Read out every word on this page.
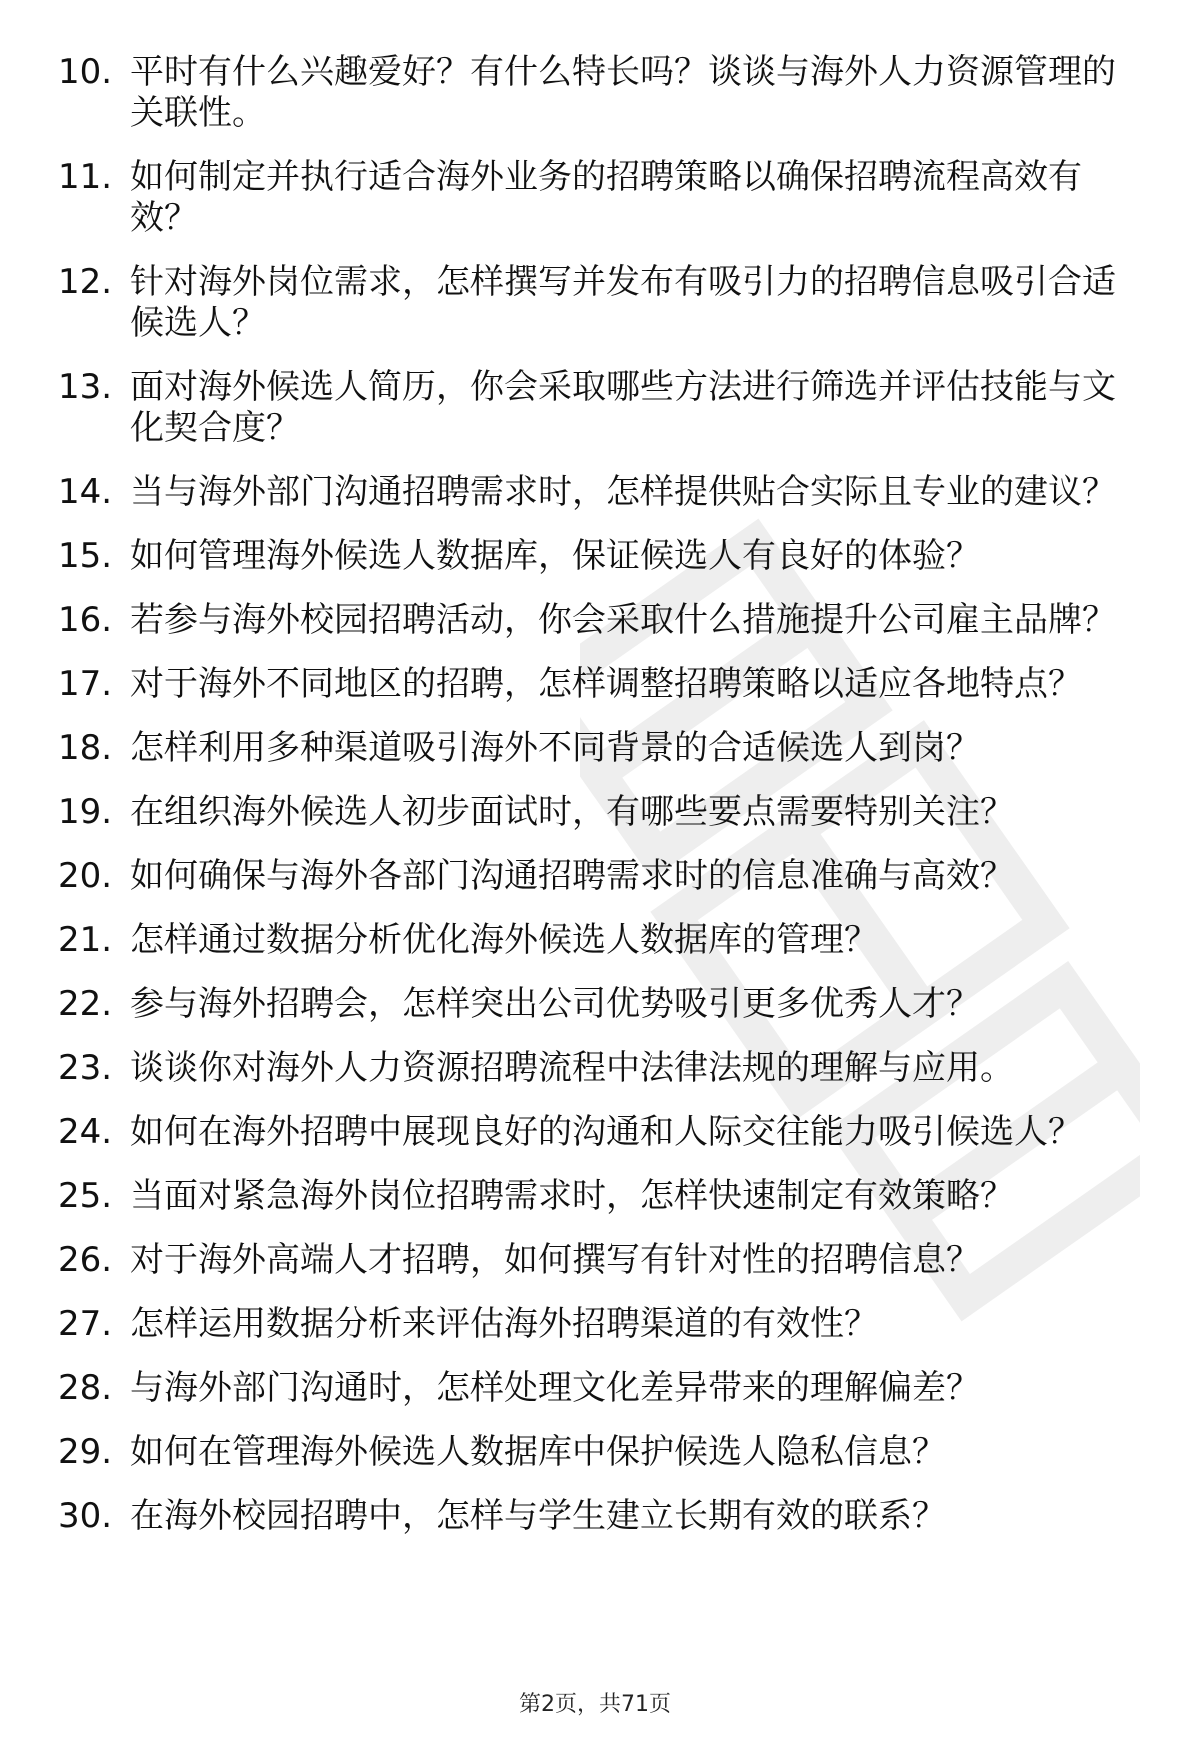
10. 平时有什么兴趣爱好？有什么特长吗？谈谈与海外人力资源管理的关联性。
11. 如何制定并执行适合海外业务的招聘策略以确保招聘流程高效有效？
12. 针对海外岗位需求，怎样撰写并发布有吸引力的招聘信息吸引合适候选人？
13. 面对海外候选人简历，你会采取哪些方法进行筛选并评估技能与文化契合度？
14. 当与海外部门沟通招聘需求时，怎样提供贴合实际且专业的建议？
15. 如何管理海外候选人数据库，保证候选人有良好的体验？
16. 若参与海外校园招聘活动，你会采取什么措施提升公司雇主品牌？
17. 对于海外不同地区的招聘，怎样调整招聘策略以适应各地特点？
18. 怎样利用多种渠道吸引海外不同背景的合适候选人到岗？
19. 在组织海外候选人初步面试时，有哪些要点需要特别关注？
20. 如何确保与海外各部门沟通招聘需求时的信息准确与高效？
21. 怎样通过数据分析优化海外候选人数据库的管理？
22. 参与海外招聘会，怎样突出公司优势吸引更多优秀人才？
23. 谈谈你对海外人力资源招聘流程中法律法规的理解与应用。
24. 如何在海外招聘中展现良好的沟通和人际交往能力吸引候选人？
25. 当面对紧急海外岗位招聘需求时，怎样快速制定有效策略？
26. 对于海外高端人才招聘，如何撰写有针对性的招聘信息？
27. 怎样运用数据分析来评估海外招聘渠道的有效性？
28. 与海外部门沟通时，怎样处理文化差异带来的理解偏差？
29. 如何在管理海外候选人数据库中保护候选人隐私信息？
30. 在海外校园招聘中，怎样与学生建立长期有效的联系？
第2页，共71页
